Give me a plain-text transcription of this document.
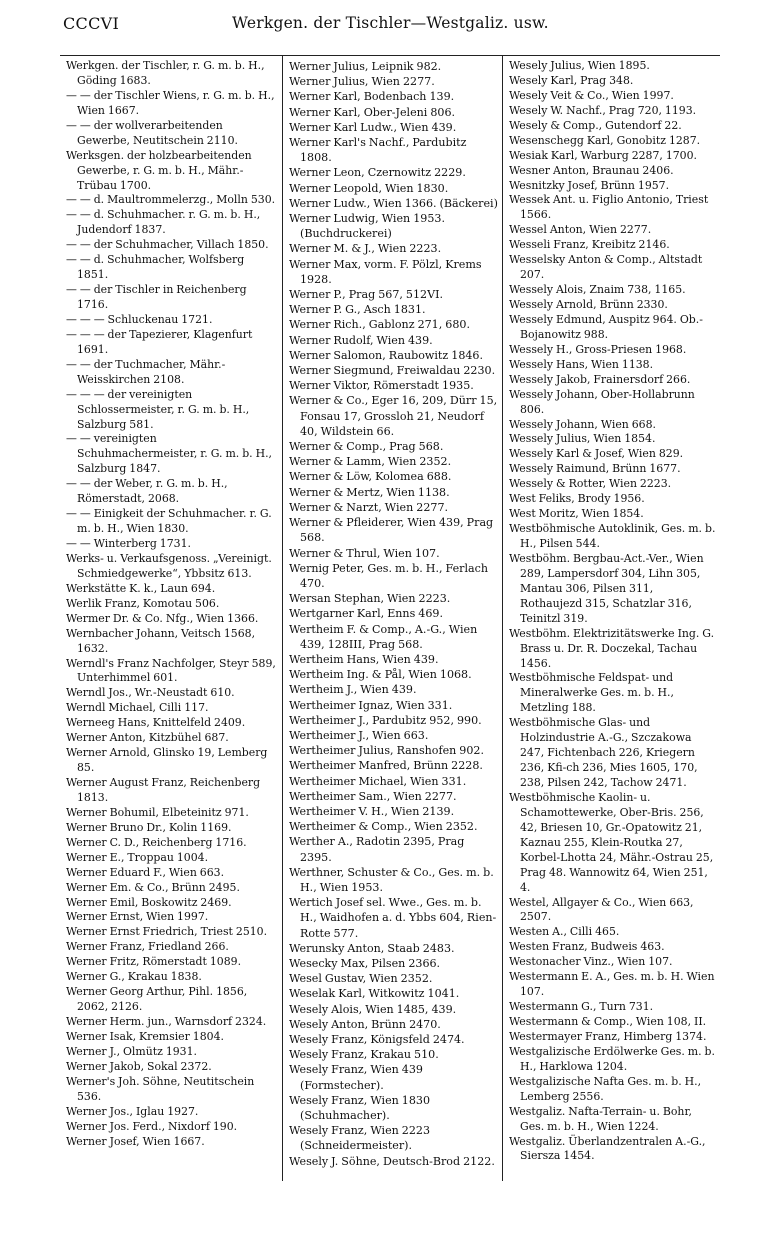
CCCVI	Werkgen. der Tischler—Westgaliz. usw.

Werkgen. der Tischler, r. G. m. b. H., Göding 1683.

— — der Tischler Wiens, r. G. m. b. H., Wien 1667.

— — der wollverarbeitenden Gewerbe, Neutitschein 2110.

Werksgen. der holzbearbeitenden Gewerbe, r. G. m. b. H., Mähr.-Trübau 1700.

— — d. Maultrommelerzg., Molln 530.

— — d. Schuhmacher. r. G. m. b. H., Judendorf 1837.

— — der Schuhmacher, Villach 1850.

— — d. Schuhmacher, Wolfsberg 1851.

— — der Tischler in Reichenberg 1716.

— — — Schluckenau 1721.

— — — der Tapezierer, Klagenfurt 1691.

— — der Tuchmacher, Mähr.-Weisskirchen 2108.

— — — der vereinigten Schlossermeister, r. G. m. b. H., Salzburg 581.

— — vereinigten Schuhmachermeister, r. G. m. b. H., Salzburg 1847.

— — der Weber, r. G. m. b. H., Römerstadt, 2068.

— — Einigkeit der Schuhmacher. r. G. m. b. H., Wien 1830.

— — Winterberg 1731.

Werks- u. Verkaufsgenoss. „Vereinigt. Schmiedgewerke“, Ybbsitz 613.

Werkstätte K. k., Laun 694.

Werlik Franz, Komotau 506.

Wermer Dr. & Co. Nfg., Wien 1366.

Wernbacher Johann, Veitsch 1568, 1632.

Werndl's Franz Nachfolger, Steyr 589, Unterhimmel 601.

Werndl Jos., Wr.-Neustadt 610.

Werndl Michael, Cilli 117.

Werneeg Hans, Knittelfeld 2409.

Werner Anton, Kitzbühel 687.

Werner Arnold, Glinsko 19, Lemberg 85.

Werner August Franz, Reichenberg 1813.

Werner Bohumil, Elbeteinitz 971.

Werner Bruno Dr., Kolin 1169.

Werner C. D., Reichenberg 1716.

Werner E., Troppau 1004.

Werner Eduard F., Wien 663.

Werner Em. & Co., Brünn 2495.

Werner Emil, Boskowitz 2469.

Werner Ernst, Wien 1997.

Werner Ernst Friedrich, Triest 2510.

Werner Franz, Friedland 266.

Werner Fritz, Römerstadt 1089.

Werner G., Krakau 1838.

Werner Georg Arthur, Pihl. 1856, 2062, 2126.

Werner Herm. jun., Warnsdorf 2324.

Werner Isak, Kremsier 1804.

Werner J., Olmütz 1931.

Werner Jakob, Sokal 2372.

Werner's Joh. Söhne, Neutitschein 536.

Werner Jos., Iglau 1927.

Werner Jos. Ferd., Nixdorf 190.

Werner Josef, Wien 1667.

Werner Julius, Leipnik 982.

Werner Julius, Wien 2277.

Werner Karl, Bodenbach 139.

Werner Karl, Ober-Jeleni 806.

Werner Karl Ludw., Wien 439.

Werner Karl's Nachf., Pardubitz 1808.

Werner Leon, Czernowitz 2229.

Werner Leopold, Wien 1830.

Werner Ludw., Wien 1366. (Bäckerei)

Werner Ludwig, Wien 1953. (Buchdruckerei)

Werner M. & J., Wien 2223.

Werner Max, vorm. F. Pölzl, Krems 1928.

Werner P., Prag 567, 512VI.

Werner P. G., Asch 1831.

Werner Rich., Gablonz 271, 680.

Werner Rudolf, Wien 439.

Werner Salomon, Raubowitz 1846.

Werner Siegmund, Freiwaldau 2230.

Werner Viktor, Römerstadt 1935.

Werner & Co., Eger 16, 209, Dürr 15, Fonsau 17, Grossloh 21, Neudorf 40, Wildstein 66.

Werner & Comp., Prag 568.

Werner & Lamm, Wien 2352.

Werner & Löw, Kolomea 688.

Werner & Mertz, Wien 1138.

Werner & Narzt, Wien 2277.

Werner & Pfleiderer, Wien 439, Prag 568.

Werner & Thrul, Wien 107.

Wernig Peter, Ges. m. b. H., Ferlach 470.

Wersan Stephan, Wien 2223.

Wertgarner Karl, Enns 469.

Wertheim F. & Comp., A.-G., Wien 439, 128III, Prag 568.

Wertheim Hans, Wien 439.

Wertheim Ing. & Pål, Wien 1068.

Wertheim J., Wien 439.

Wertheimer Ignaz, Wien 331.

Wertheimer J., Pardubitz 952, 990.

Wertheimer J., Wien 663.

Wertheimer Julius, Ranshofen 902.

Wertheimer Manfred, Brünn 2228.

Wertheimer Michael, Wien 331.

Wertheimer Sam., Wien 2277.

Wertheimer V. H., Wien 2139.

Wertheimer & Comp., Wien 2352.

Werther A., Radotin 2395, Prag 2395.

Werthner, Schuster & Co., Ges. m. b. H., Wien 1953.

Wertich Josef sel. Wwe., Ges. m. b. H., Waidhofen a. d. Ybbs 604, Rien-Rotte 577.

Werunsky Anton, Staab 2483.

Wesecky Max, Pilsen 2366.

Wesel Gustav, Wien 2352.

Weselak Karl, Witkowitz 1041.

Wesely Alois, Wien 1485, 439.

Wesely Anton, Brünn 2470.

Wesely Franz, Königsfeld 2474.

Wesely Franz, Krakau 510.

Wesely Franz, Wien 439 (Formstecher).

Wesely Franz, Wien 1830 (Schuhmacher).

Wesely Franz, Wien 2223 (Schneidermeister).

Wesely J. Söhne, Deutsch-Brod 2122.

Wesely Julius, Wien 1895.

Wesely Karl, Prag 348.

Wesely Veit & Co., Wien 1997.

Wesely W. Nachf., Prag 720, 1193.

Wesely & Comp., Gutendorf 22.

Wesenschegg Karl, Gonobitz 1287.

Wesiak Karl, Warburg 2287, 1700.

Wesner Anton, Braunau 2406.

Wesnitzky Josef, Brünn 1957.

Wessek Ant. u. Figlio Antonio, Triest 1566.

Wessel Anton, Wien 2277.

Wesseli Franz, Kreibitz 2146.

Wesselsky Anton & Comp., Altstadt 207.

Wessely Alois, Znaim 738, 1165.

Wessely Arnold, Brünn 2330.

Wessely Edmund, Auspitz 964. Ob.-Bojanowitz 988.

Wessely H., Gross-Priesen 1968.

Wessely Hans, Wien 1138.

Wessely Jakob, Frainersdorf 266.

Wessely Johann, Ober-Hollabrunn 806.

Wessely Johann, Wien 668.

Wessely Julius, Wien 1854.

Wessely Karl & Josef, Wien 829.

Wessely Raimund, Brünn 1677.

Wessely & Rotter, Wien 2223.

West Feliks, Brody 1956.

West Moritz, Wien 1854.

Westböhmische Autoklinik, Ges. m. b. H., Pilsen 544.

Westböhm. Bergbau-Act.-Ver., Wien 289, Lampersdorf 304, Lihn 305, Mantau 306, Pilsen 311, Rothaujezd 315, Schatzlar 316, Teinitzl 319.

Westböhm. Elektrizitätswerke Ing. G. Brass u. Dr. R. Doczekal, Tachau 1456.

Westböhmische Feldspat- und Mineralwerke Ges. m. b. H., Metzling 188.

Westböhmische Glas- und Holzindustrie A.-G., Szczakowa 247, Fichtenbach 226, Kriegern 236, Kfi-ch 236, Mies 1605, 170, 238, Pilsen 242, Tachow 2471.

Westböhmische Kaolin- u. Schamottewerke, Ober-Bris. 256, 42, Briesen 10, Gr.-Opatowitz 21, Kaznau 255, Klein-Routka 27, Korbel-Lhotta 24, Mähr.-Ostrau 25, Prag 48. Wannowitz 64, Wien 251, 4.

Westel, Allgayer & Co., Wien 663, 2507.

Westen A., Cilli 465.

Westen Franz, Budweis 463.

Westonacher Vinz., Wien 107.

Westermann E. A., Ges. m. b. H. Wien 107.

Westermann G., Turn 731.

Westermann & Comp., Wien 108, II.

Westermayer Franz, Himberg 1374.

Westgalizische Erdölwerke Ges. m. b. H., Harklowa 1204.

Westgalizische Nafta Ges. m. b. H., Lemberg 2556.

Westgaliz. Nafta-Terrain- u. Bohr, Ges. m. b. H., Wien 1224.

Westgaliz. Überlandzentralen A.-G., Siersza 1454.
